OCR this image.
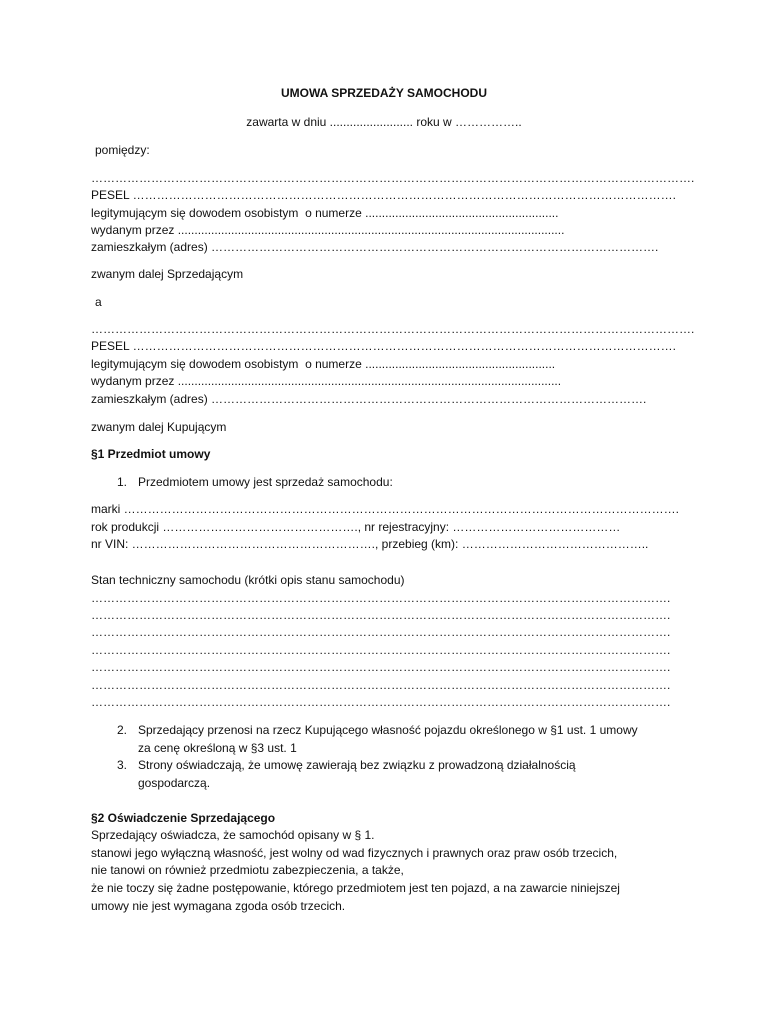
UMOWA SPRZEDAŻY SAMOCHODU
zawarta w dniu ......................... roku w ……………..
pomiędzy:
…………………………………………………………………………………………………………………………………….
PESEL ……………………………………………………………………………………………………………………….
legitymującym się dowodem osobistym  o numerze ..........................................................
wydanym przez ....................................................................................................................
zamieszkałym (adres) ………………………………………………………………………………………………….
zwanym dalej Sprzedającym
a
…………………………………………………………………………………………………………………………………….
PESEL ……………………………………………………………………………………………………………………….
legitymującym się dowodem osobistym  o numerze .........................................................
wydanym przez ...................................................................................................................
zamieszkałym (adres) ……………………………………………………………………………………………….
zwanym dalej Kupującym
§1 Przedmiot umowy
1. Przedmiotem umowy jest sprzedaż samochodu:
marki ………………………………………………………………………………………………………………………….
rok produkcji …………………………………………., nr rejestracyjny: ……………………………………
nr VIN: ……………………………………………………., przebieg (km): ………………………………………..
Stan techniczny samochodu (krótki opis stanu samochodu)
……………………………………………………………………………………………………………………………….
……………………………………………………………………………………………………………………………….
……………………………………………………………………………………………………………………………….
……………………………………………………………………………………………………………………………….
……………………………………………………………………………………………………………………………….
……………………………………………………………………………………………………………………………….
……………………………………………………………………………………………………………………………….
2. Sprzedający przenosi na rzecz Kupującego własność pojazdu określonego w §1 ust. 1 umowy
za cenę określoną w §3 ust. 1
3. Strony oświadczają, że umowę zawierają bez związku z prowadzoną działalnością
gospodarczą.
§2 Oświadczenie Sprzedającego
Sprzedający oświadcza, że samochód opisany w § 1.
stanowi jego wyłączną własność, jest wolny od wad fizycznych i prawnych oraz praw osób trzecich,
nie tanowi on również przedmiotu zabezpieczenia, a także,
że nie toczy się żadne postępowanie, którego przedmiotem jest ten pojazd, a na zawarcie niniejszej
umowy nie jest wymagana zgoda osób trzecich.
